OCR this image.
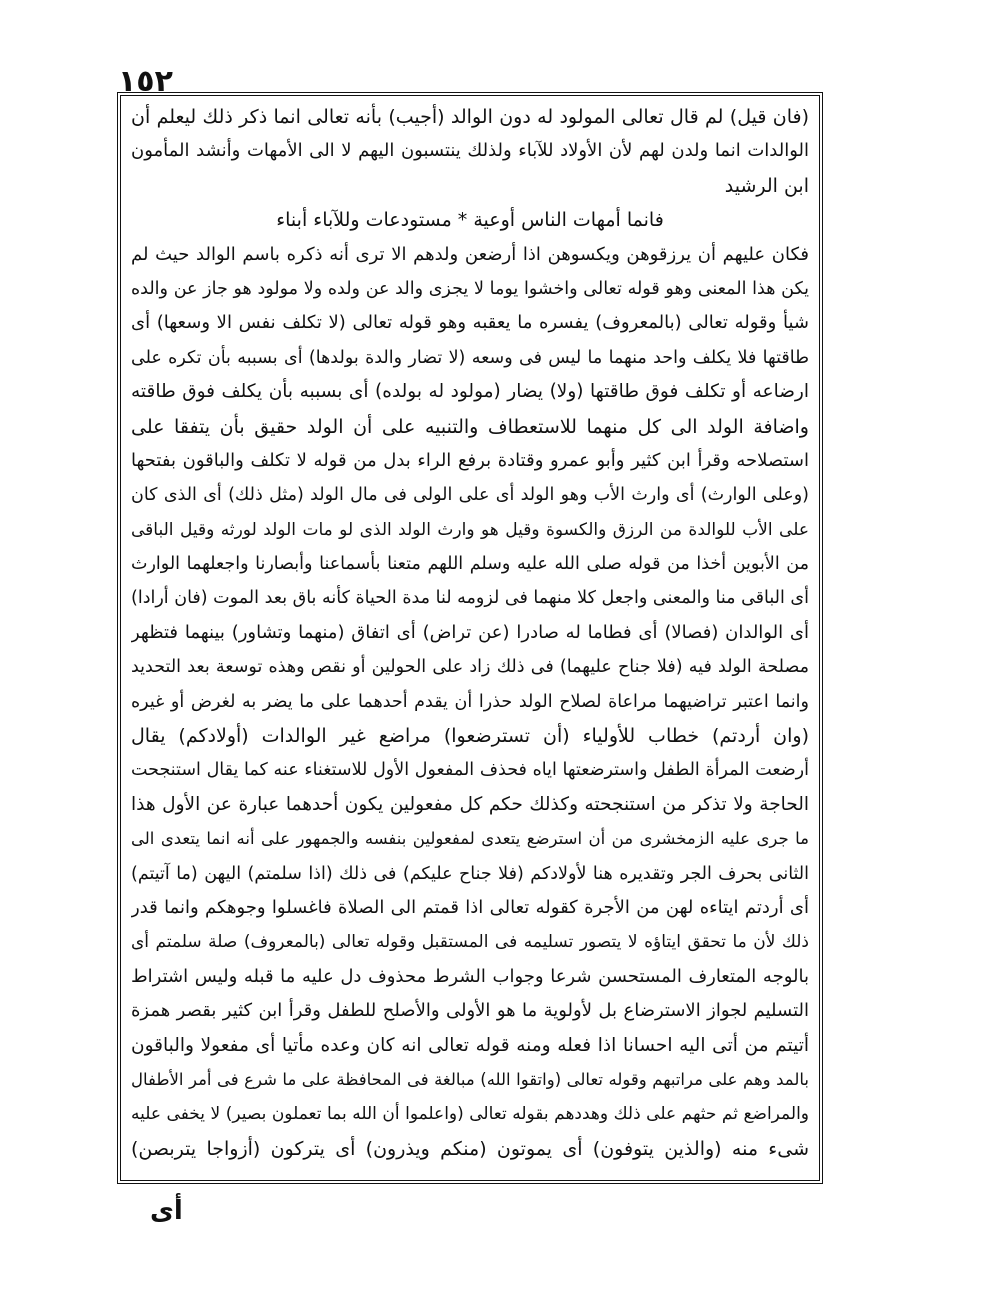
١٥٢
(فان قيل) لم قال تعالى المولود له دون الوالد (أجيب) بأنه تعالى انما ذكر ذلك ليعلم أن
الوالدات انما ولدن لهم لأن الأولاد للآباء ولذلك ينتسبون اليهم لا الى الأمهات وأنشد المأمون
ابن الرشيد
فانما أمهات الناس أوعية * مستودعات وللآباء أبناء
فكان عليهم أن يرزقوهن ويكسوهن اذا أرضعن ولدهم الا ترى أنه ذكره باسم الوالد حيث لم
يكن هذا المعنى وهو قوله تعالى واخشوا يوما لا يجزى والد عن ولده ولا مولود هو جاز عن والده
شيأ وقوله تعالى (بالمعروف) يفسره ما يعقبه وهو قوله تعالى (لا تكلف نفس الا وسعها) أى
طاقتها فلا يكلف واحد منهما ما ليس فى وسعه (لا تضار والدة بولدها) أى بسببه بأن تكره على
ارضاعه أو تكلف فوق طاقتها (ولا) يضار (مولود له بولده) أى بسببه بأن يكلف فوق طاقته
واضافة الولد الى كل منهما للاستعطاف والتنبيه على أن الولد حقيق بأن يتفقا على
استصلاحه وقرأ ابن كثير وأبو عمرو وقتادة برفع الراء بدل من قوله لا تكلف والباقون بفتحها
(وعلى الوارث) أى وارث الأب وهو الولد أى على الولى فى مال الولد (مثل ذلك) أى الذى كان
على الأب للوالدة من الرزق والكسوة وقيل هو وارث الولد الذى لو مات الولد لورثه وقيل الباقى
من الأبوين أخذا من قوله صلى الله عليه وسلم اللهم متعنا بأسماعنا وأبصارنا واجعلهما الوارث
أى الباقى منا والمعنى واجعل كلا منهما فى لزومه لنا مدة الحياة كأنه باق بعد الموت (فان أرادا)
أى الوالدان (فصالا) أى فطاما له صادرا (عن تراض) أى اتفاق (منهما وتشاور) بينهما فتظهر
مصلحة الولد فيه (فلا جناح عليهما) فى ذلك زاد على الحولين أو نقص وهذه توسعة بعد التحديد
وانما اعتبر تراضيهما مراعاة لصلاح الولد حذرا أن يقدم أحدهما على ما يضر به لغرض أو غيره
(وان أردتم) خطاب للأولياء (أن تسترضعوا) مراضع غير الوالدات (أولادكم) يقال
أرضعت المرأة الطفل واسترضعتها اياه فحذف المفعول الأول للاستغناء عنه كما يقال استنجحت
الحاجة ولا تذكر من استنجحته وكذلك حكم كل مفعولين يكون أحدهما عبارة عن الأول هذا
ما جرى عليه الزمخشرى من أن استرضع يتعدى لمفعولين بنفسه والجمهور على أنه انما يتعدى الى
الثانى بحرف الجر وتقديره هنا لأولادكم (فلا جناح عليكم) فى ذلك (اذا سلمتم) اليهن (ما آتيتم)
أى أردتم ايتاءه لهن من الأجرة كقوله تعالى اذا قمتم الى الصلاة فاغسلوا وجوهكم وانما قدر
ذلك لأن ما تحقق ايتاؤه لا يتصور تسليمه فى المستقبل وقوله تعالى (بالمعروف) صلة سلمتم أى
بالوجه المتعارف المستحسن شرعا وجواب الشرط محذوف دل عليه ما قبله وليس اشتراط
التسليم لجواز الاسترضاع بل لأولوية ما هو الأولى والأصلح للطفل وقرأ ابن كثير بقصر همزة
أتيتم من أتى اليه احسانا اذا فعله ومنه قوله تعالى انه كان وعده مأتيا أى مفعولا والباقون
بالمد وهم على مراتبهم وقوله تعالى (واتقوا الله) مبالغة فى المحافظة على ما شرع فى أمر الأطفال
والمراضع ثم حثهم على ذلك وهددهم بقوله تعالى (واعلموا أن الله بما تعملون بصير) لا يخفى عليه
شىء منه (والذين يتوفون) أى يموتون (منكم ويذرون) أى يتركون (أزواجا يتربصن)
أى
